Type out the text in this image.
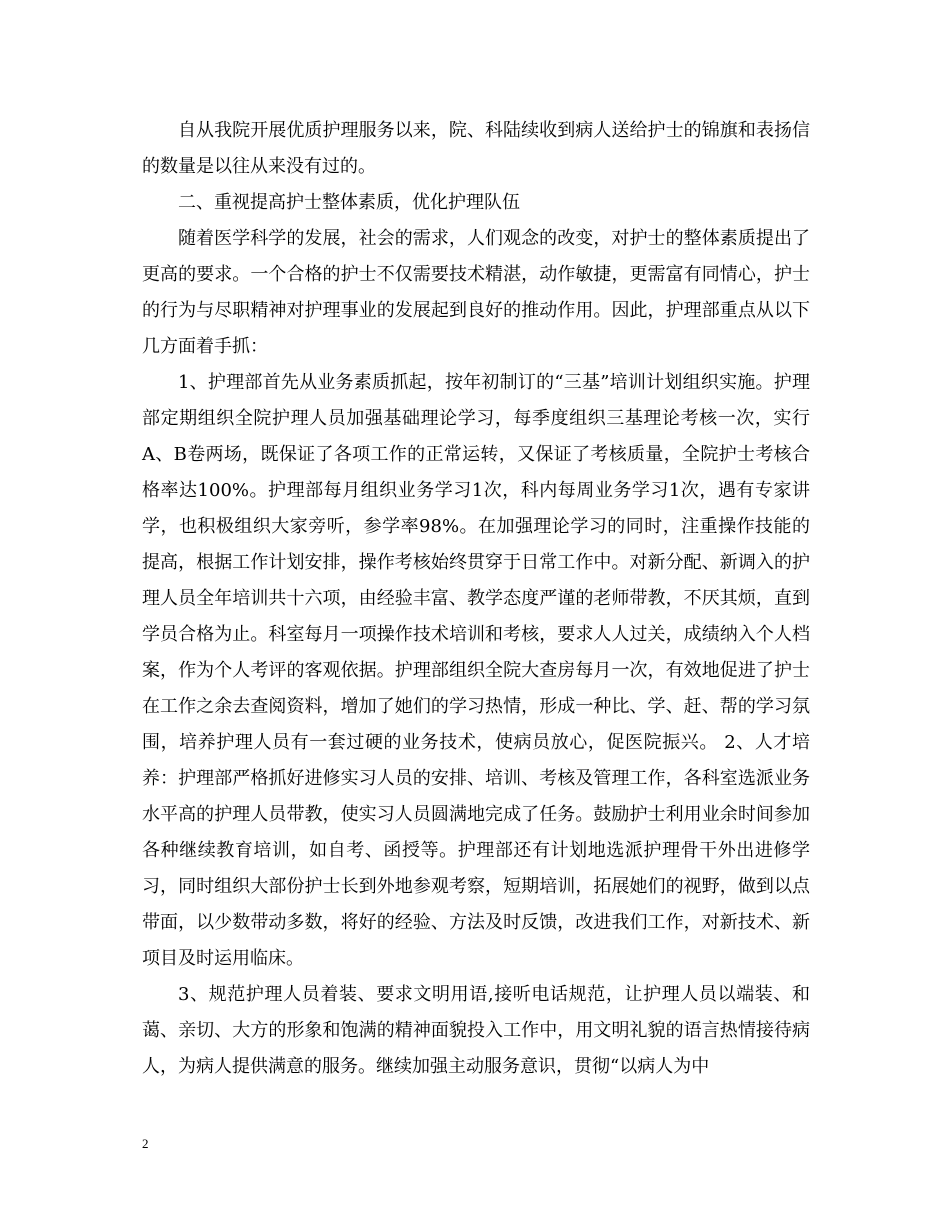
自从我院开展优质护理服务以来，院、科陆续收到病人送给护士的锦旗和表扬信的数量是以往从来没有过的。

二、重视提高护士整体素质，优化护理队伍

随着医学科学的发展，社会的需求，人们观念的改变，对护士的整体素质提出了更高的要求。一个合格的护士不仅需要技术精湛，动作敏捷，更需富有同情心，护士的行为与尽职精神对护理事业的发展起到良好的推动作用。因此，护理部重点从以下几方面着手抓：

1、护理部首先从业务素质抓起，按年初制订的“三基”培训计划组织实施。护理部定期组织全院护理人员加强基础理论学习，每季度组织三基理论考核一次，实行A、B卷两场，既保证了各项工作的正常运转，又保证了考核质量，全院护士考核合格率达100%。护理部每月组织业务学习1次，科内每周业务学习1次，遇有专家讲学，也积极组织大家旁听，参学率98%。在加强理论学习的同时，注重操作技能的提高，根据工作计划安排，操作考核始终贯穿于日常工作中。对新分配、新调入的护理人员全年培训共十六项，由经验丰富、教学态度严谨的老师带教，不厌其烦，直到学员合格为止。科室每月一项操作技术培训和考核，要求人人过关，成绩纳入个人档案，作为个人考评的客观依据。护理部组织全院大查房每月一次，有效地促进了护士在工作之余去查阅资料，增加了她们的学习热情，形成一种比、学、赶、帮的学习氛围，培养护理人员有一套过硬的业务技术，使病员放心，促医院振兴。 2、人才培养：护理部严格抓好进修实习人员的安排、培训、考核及管理工作，各科室选派业务水平高的护理人员带教，使实习人员圆满地完成了任务。鼓励护士利用业余时间参加各种继续教育培训，如自考、函授等。护理部还有计划地选派护理骨干外出进修学习，同时组织大部份护士长到外地参观考察，短期培训，拓展她们的视野，做到以点带面，以少数带动多数，将好的经验、方法及时反馈，改进我们工作，对新技术、新项目及时运用临床。

3、规范护理人员着装、要求文明用语,接听电话规范，让护理人员以端装、和蔼、亲切、大方的形象和饱满的精神面貌投入工作中，用文明礼貌的语言热情接待病人，为病人提供满意的服务。继续加强主动服务意识，贯彻“以病人为中

2
